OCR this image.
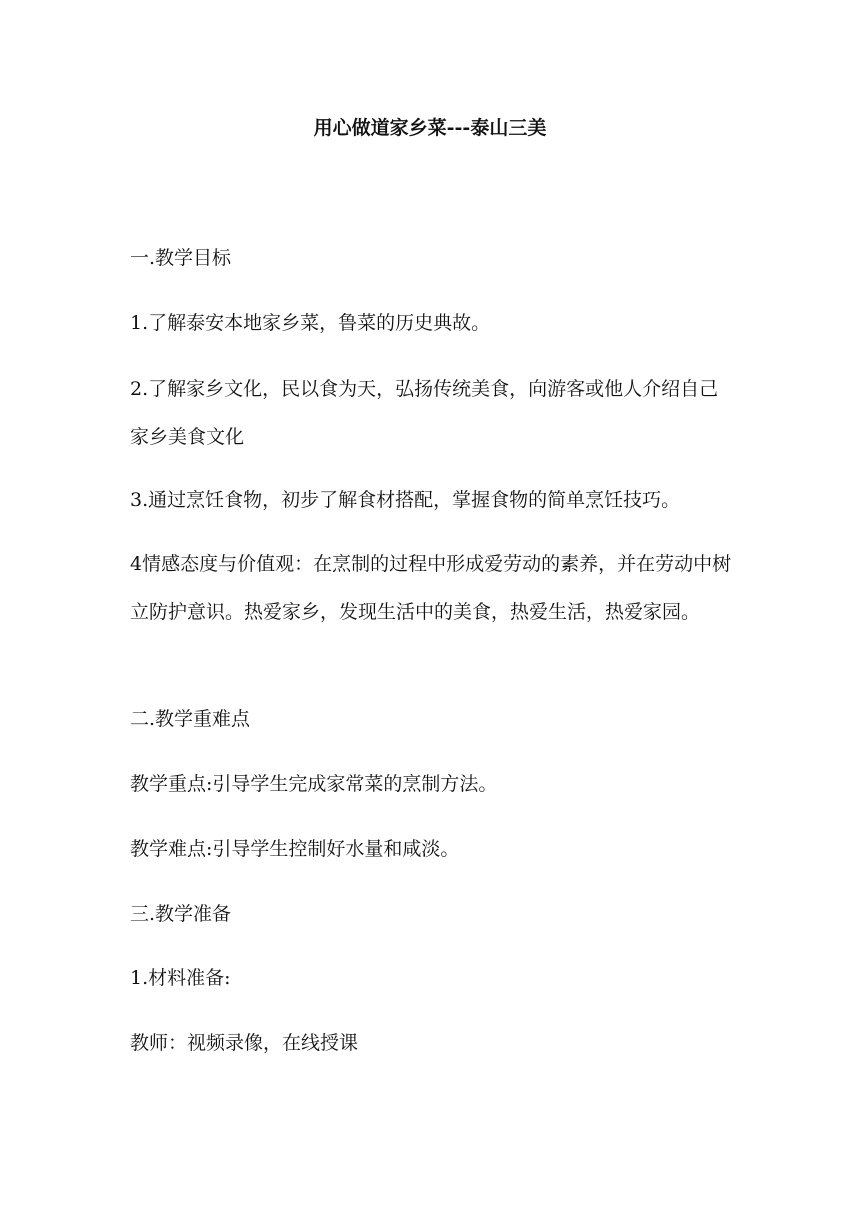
用心做道家乡菜---泰山三美
一.教学目标
1.了解泰安本地家乡菜，鲁菜的历史典故。
2.了解家乡文化，民以食为天，弘扬传统美食，向游客或他人介绍自己家乡美食文化
3.通过烹饪食物，初步了解食材搭配，掌握食物的简单烹饪技巧。
4情感态度与价值观：在烹制的过程中形成爱劳动的素养，并在劳动中树立防护意识。热爱家乡，发现生活中的美食，热爱生活，热爱家园。
二.教学重难点
教学重点:引导学生完成家常菜的烹制方法。
教学难点:引导学生控制好水量和咸淡。
三.教学准备
1.材料准备:
教师：视频录像，在线授课
